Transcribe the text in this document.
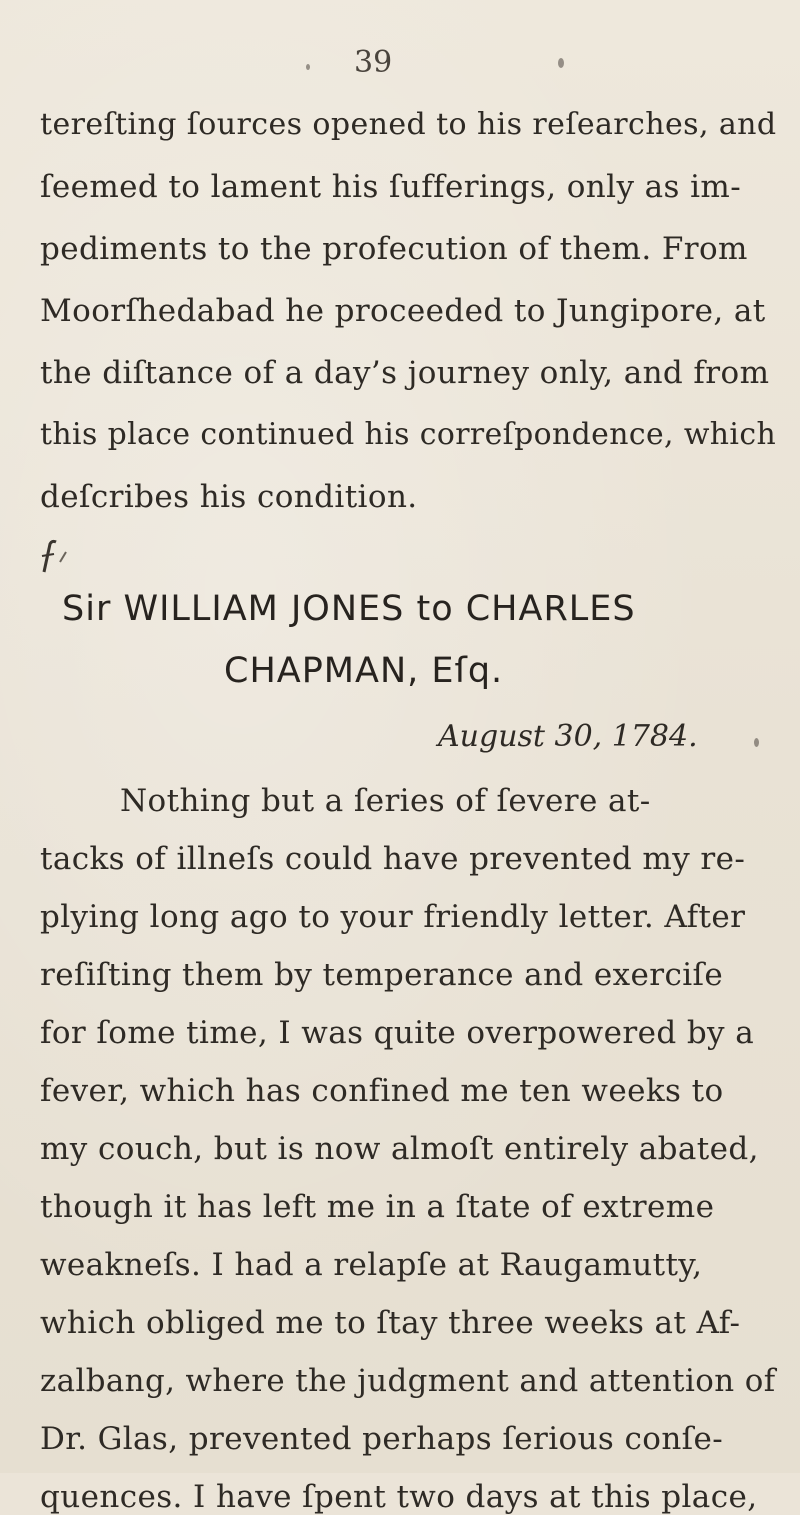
39
tereſting ſources opened to his reſearches, and
ſeemed to lament his ſufferings, only as im-
pediments to the profecution of them. From
Moorſhedabad he proceeded to Jungipore, at
the diſtance of a day’s journey only, and from
this place continued his correſpondence, which
deſcribes his condition.
Sir WILLIAM JONES to CHARLES
CHAPMAN, Eſq.
August 30, 1784.
Nothing but a ſeries of ſevere at-
tacks of illneſs could have prevented my re-
plying long ago to your friendly letter. After
reſiſting them by temperance and exerciſe
for ſome time, I was quite overpowered by a
fever, which has confined me ten weeks to
my couch, but is now almoſt entirely abated,
though it has left me in a ſtate of extreme
weakneſs. I had a relapſe at Raugamutty,
which obliged me to ſtay three weeks at Af-
zalbang, where the judgment and attention of
Dr. Glas, prevented perhaps ſerious conſe-
quences. I have ſpent two days at this place,
